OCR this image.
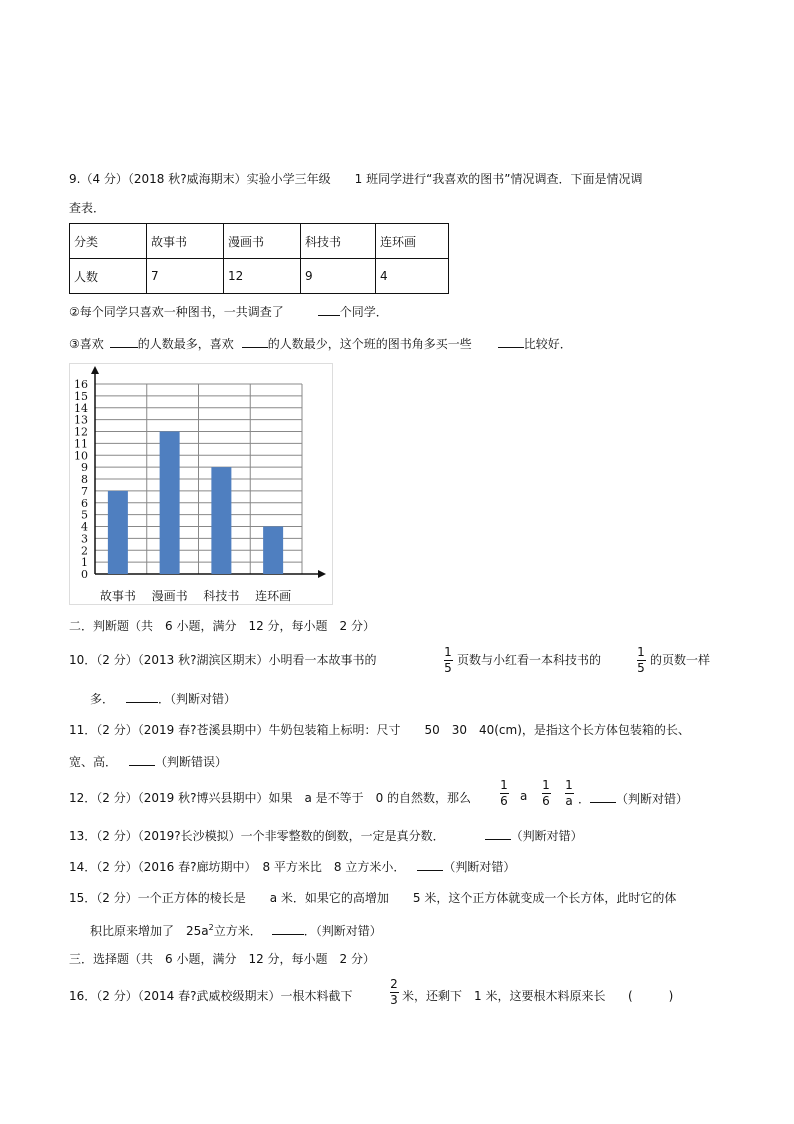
9.（4 分）（2018 秋?威海期末）实验小学三年级　　1 班同学进行“我喜欢的图书”情况调查．下面是情况调
查表．
分类	故事书	漫画书	科技书	连环画
人数	7	12	9	4
②每个同学只喜欢一种图书，一共调查了	个同学．
③喜欢	的人数最多，喜欢	的人数最少，这个班的图书角多买一些	比较好．
0
1
2
3
4
5
6
7
8
9
10
11
12
13
14
15
16
故事书 漫画书 科技书 连环画
二．判断题（共　6 小题，满分　12 分，每小题　2 分）
10．（2 分）（2013 秋?湖滨区期末）小明看一本故事书的
1
5
页数与小红看一本科技书的
1
5
的页数一样
多．	．（判断对错）
11．（2 分）（2019 春?苍溪县期中）牛奶包装箱上标明：尺寸　　50　30　40(cm)，是指这个长方体包装箱的长、
宽、高．	（判断错误）
12．（2 分）（2019 秋?博兴县期中）如果　a 是不等于　0 的自然数，那么
1
6 a
1
6
1
a ． （判断对错）
13．（2 分）（2019?长沙模拟）一个非零整数的倒数，一定是真分数．	（判断对错）
14．（2 分）（2016 春?廊坊期中）　8 平方米比　8 立方米小．	（判断对错）
15．（2 分）一个正方体的棱长是　　a 米．如果它的高增加　　5 米，这个正方体就变成一个长方体，此时它的体
积比原来增加了　$25a^2$立方米．	．（判断对错）
三．选择题（共　6 小题，满分　12 分，每小题　2 分）
16．（2 分）（2014 春?武威校级期末）一根木料截下
2
3 米，还剩下　1 米，这要根木料原来长 (　　　)
